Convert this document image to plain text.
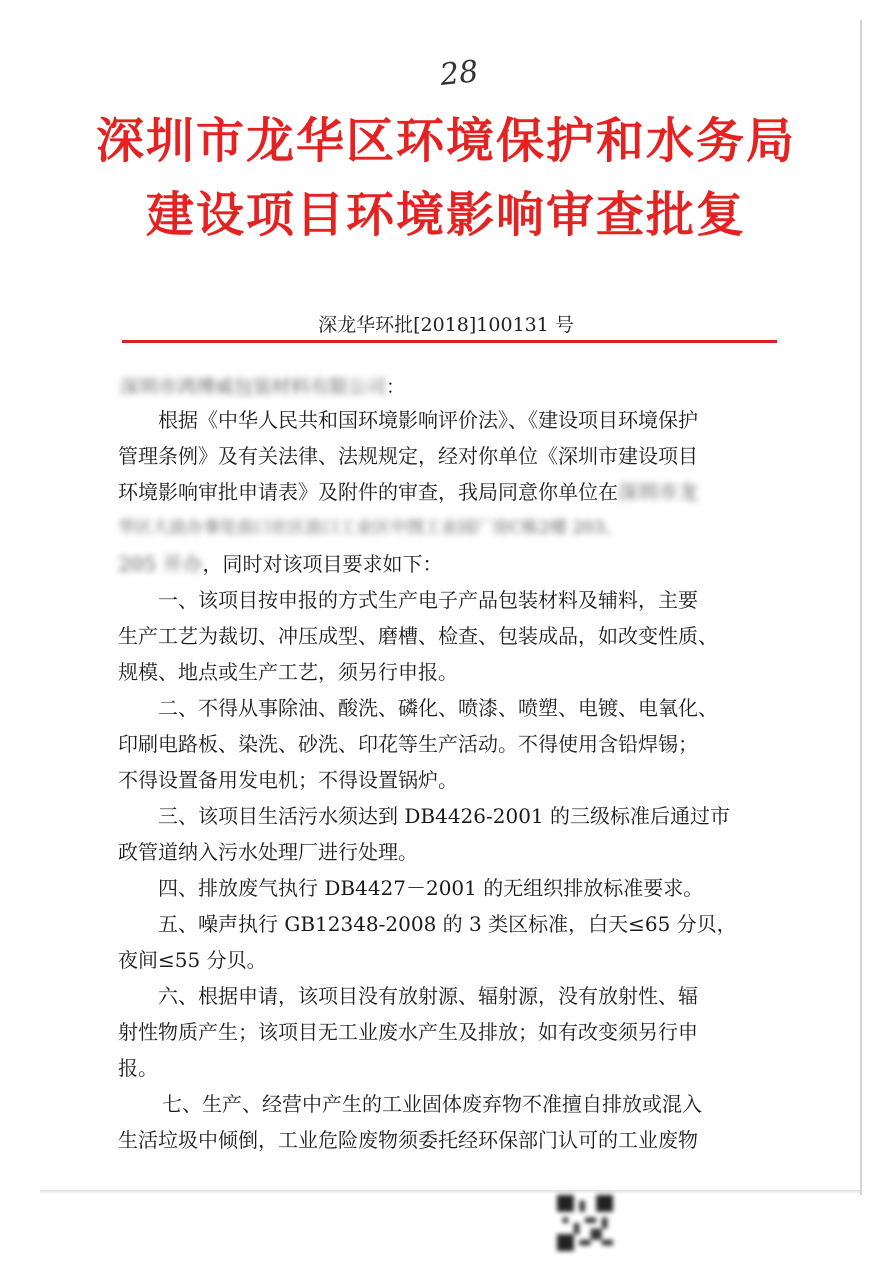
28
深圳市龙华区环境保护和水务局
建设项目环境影响审查批复
深龙华环批[2018]100131 号
深圳市鸿博威包装材料有限公司：
根据《中华人民共和国环境影响评价法》、《建设项目环境保护
管理条例》及有关法律、法规规定，经对你单位《深圳市建设项目
环境影响审批申请表》及附件的审查，我局同意你单位在深圳市龙
华区大浪办事处浪口社区浪口工业区中图工业园厂房C栋2楼 203、
205 开办，同时对该项目要求如下：
一、该项目按申报的方式生产电子产品包装材料及辅料，主要
生产工艺为裁切、冲压成型、磨槽、检查、包装成品，如改变性质、
规模、地点或生产工艺，须另行申报。
二、不得从事除油、酸洗、磷化、喷漆、喷塑、电镀、电氧化、
印刷电路板、染洗、砂洗、印花等生产活动。不得使用含铅焊锡；
不得设置备用发电机；不得设置锅炉。
三、该项目生活污水须达到 DB4426-2001 的三级标准后通过市
政管道纳入污水处理厂进行处理。
四、排放废气执行 DB4427－2001 的无组织排放标准要求。
五、噪声执行 GB12348-2008 的 3 类区标准，白天≤65 分贝，
夜间≤55 分贝。
六、根据申请，该项目没有放射源、辐射源，没有放射性、辐
射性物质产生；该项目无工业废水产生及排放；如有改变须另行申
报。
七、生产、经营中产生的工业固体废弃物不准擅自排放或混入
生活垃圾中倾倒，工业危险废物须委托经环保部门认可的工业废物
